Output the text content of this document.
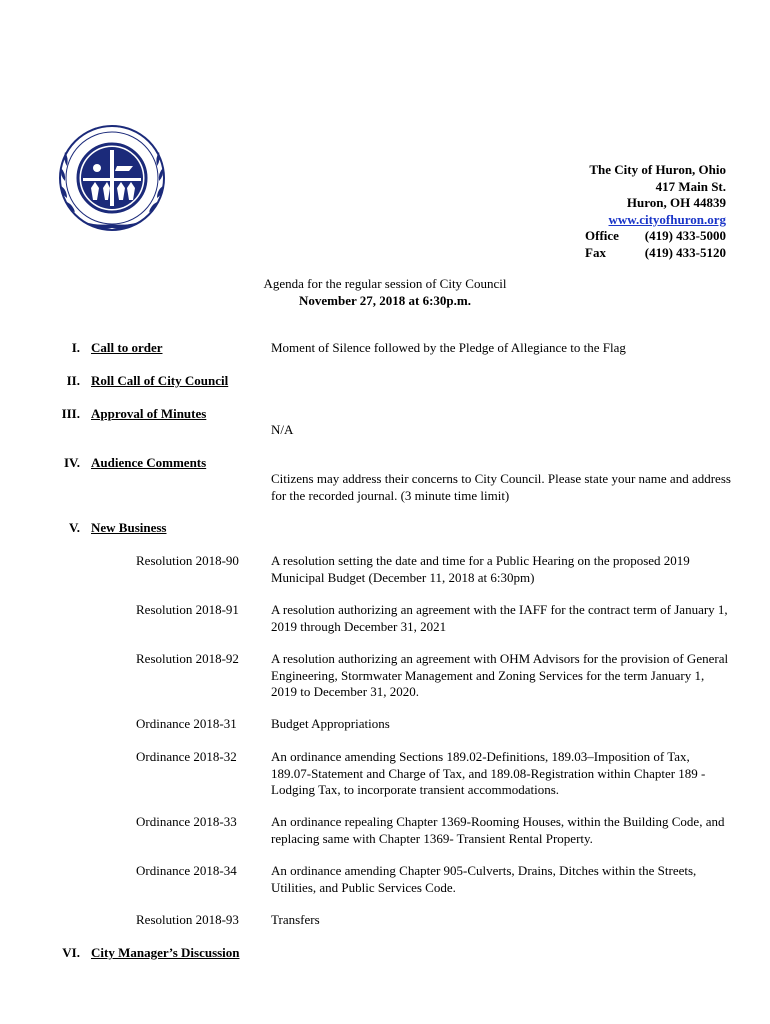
The City of Huron, Ohio
417 Main St.
Huron, OH 44839
www.cityofhuron.org
Office	(419) 433-5000
Fax	(419) 433-5120
Agenda for the regular session of City Council
November 27, 2018 at 6:30p.m.
I. Call to order	Moment of Silence followed by the Pledge of Allegiance to the Flag
II. Roll Call of City Council
III. Approval of Minutes
N/A
IV. Audience Comments
Citizens may address their concerns to City Council. Please state your name and address for the recorded journal. (3 minute time limit)
V. New Business
Resolution 2018-90 A resolution setting the date and time for a Public Hearing on the proposed 2019 Municipal Budget (December 11, 2018 at 6:30pm)
Resolution 2018-91 A resolution authorizing an agreement with the IAFF for the contract term of January 1, 2019 through December 31, 2021
Resolution 2018-92 A resolution authorizing an agreement with OHM Advisors for the provision of General Engineering, Stormwater Management and Zoning Services for the term January 1, 2019 to December 31, 2020.
Ordinance 2018-31	Budget Appropriations
Ordinance 2018-32	An ordinance amending Sections 189.02-Definitions, 189.03–Imposition of Tax, 189.07-Statement and Charge of Tax, and 189.08-Registration within Chapter 189 -Lodging Tax, to incorporate transient accommodations.
Ordinance 2018-33	An ordinance repealing Chapter 1369-Rooming Houses, within the Building Code, and replacing same with Chapter 1369- Transient Rental Property.
Ordinance 2018-34	An ordinance amending Chapter 905-Culverts, Drains, Ditches within the Streets, Utilities, and Public Services Code.
Resolution 2018-93 Transfers
VI. City Manager’s Discussion
